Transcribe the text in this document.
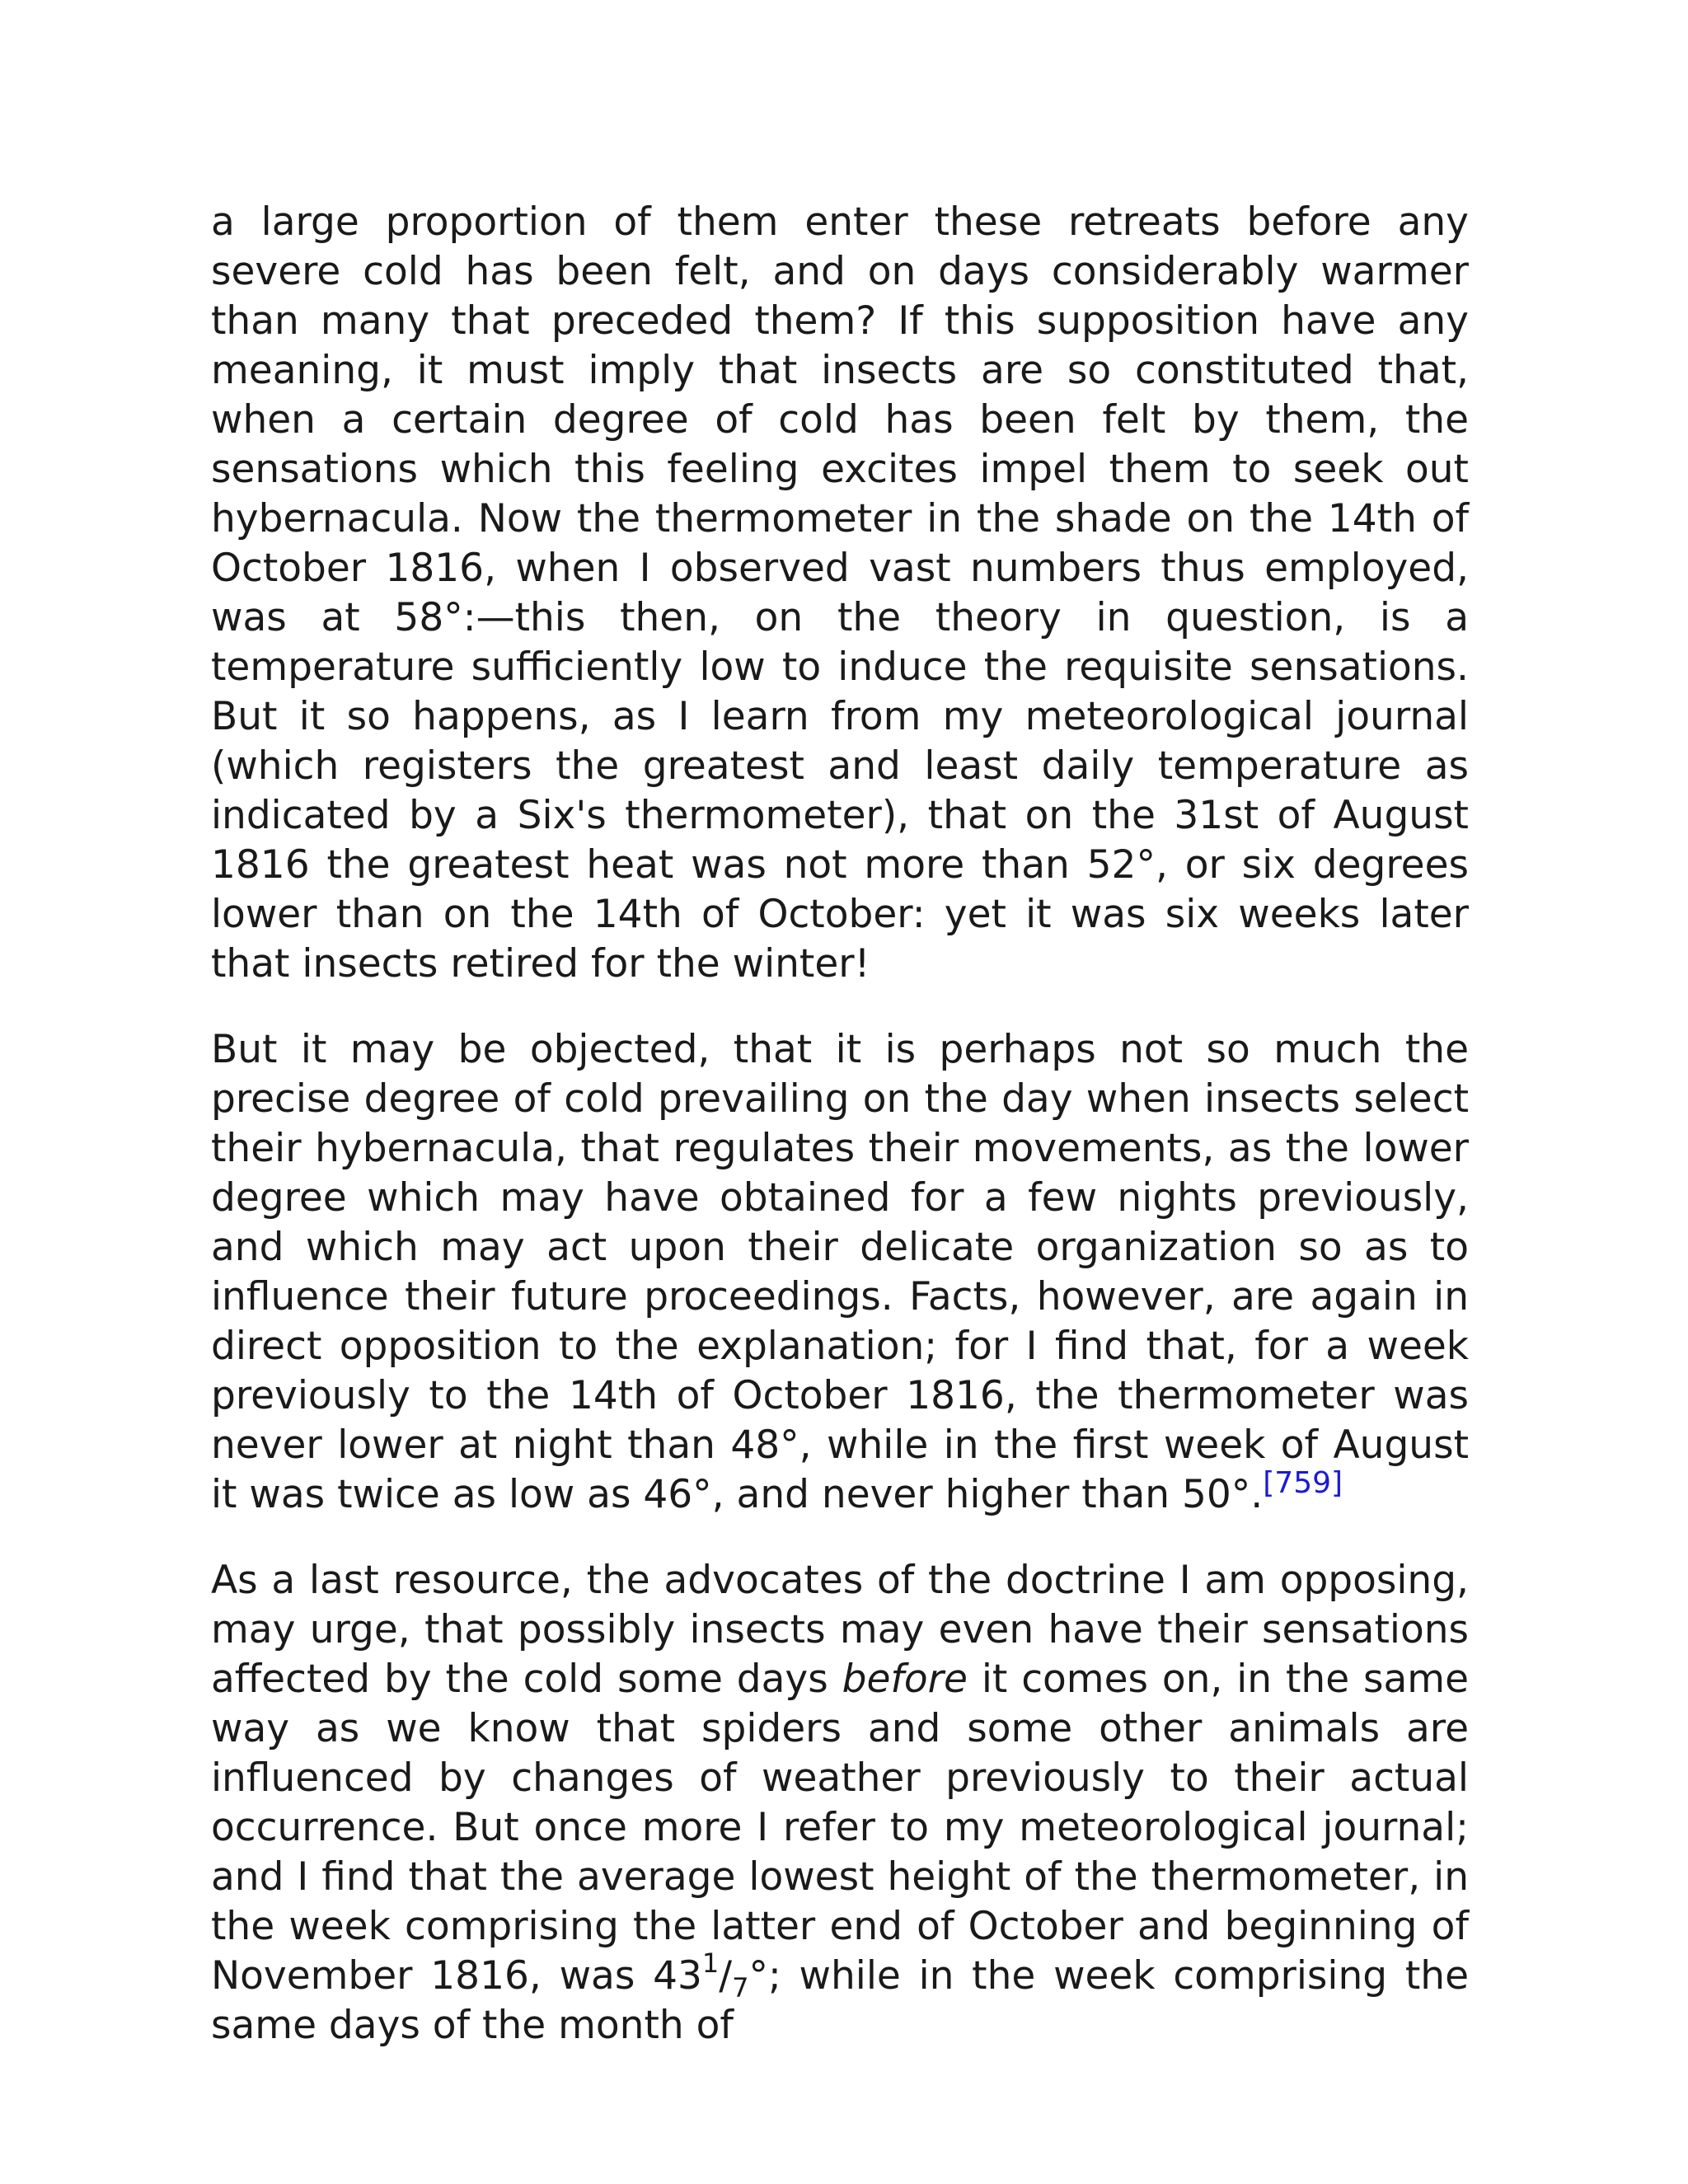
a large proportion of them enter these retreats before any severe cold has been felt, and on days considerably warmer than many that preceded them? If this supposition have any meaning, it must imply that insects are so constituted that, when a certain degree of cold has been felt by them, the sensations which this feeling excites impel them to seek out hybernacula. Now the thermometer in the shade on the 14th of October 1816, when I observed vast numbers thus employed, was at 58°:—this then, on the theory in question, is a temperature sufficiently low to induce the requisite sensations. But it so happens, as I learn from my meteorological journal (which registers the greatest and least daily temperature as indicated by a Six's thermometer), that on the 31st of August 1816 the greatest heat was not more than 52°, or six degrees lower than on the 14th of October: yet it was six weeks later that insects retired for the winter!

But it may be objected, that it is perhaps not so much the precise degree of cold prevailing on the day when insects select their hybernacula, that regulates their movements, as the lower degree which may have obtained for a few nights previously, and which may act upon their delicate organization so as to influence their future proceedings. Facts, however, are again in direct opposition to the explanation; for I find that, for a week previously to the 14th of October 1816, the thermometer was never lower at night than 48°, while in the first week of August it was twice as low as 46°, and never higher than 50°.[759]

As a last resource, the advocates of the doctrine I am opposing, may urge, that possibly insects may even have their sensations affected by the cold some days before it comes on, in the same way as we know that spiders and some other animals are influenced by changes of weather previously to their actual occurrence. But once more I refer to my meteorological journal; and I find that the average lowest height of the thermometer, in the week comprising the latter end of October and beginning of November 1816, was $43^1/_7^\circ$; while in the week comprising the same days of the month of
